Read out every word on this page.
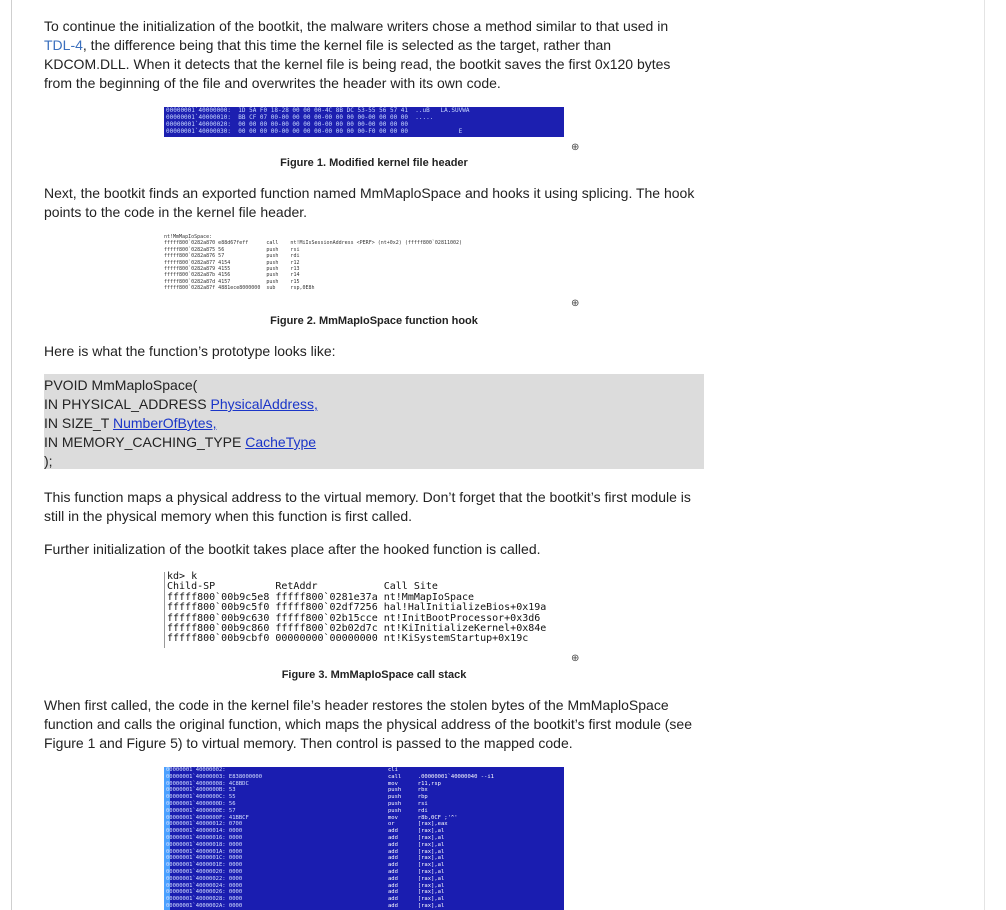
To continue the initialization of the bootkit, the malware writers chose a method similar to that used in
TDL-4, the difference being that this time the kernel file is selected as the target, rather than
KDCOM.DLL. When it detects that the kernel file is being read, the bootkit saves the first 0x120 bytes
from the beginning of the file and overwrites the header with its own code.
00000001`40000000:  1D 5A F0 18-28 00 00 00-4C 8B DC 53-55 56 57 41  ..uB   LA.SUVWA
00000001`40000010:  BB CF 07 00-00 00 00 00-00 00 00 00-00 00 00 00  .....
00000001`40000020:  00 00 00 00-00 00 00 00-00 00 00 00-00 00 00 00
00000001`40000030:  00 00 00 00-00 00 00 00-00 00 00 00-F0 00 00 00              E
⊕
Figure 1. Modified kernel file header
Next, the bootkit finds an exported function named MmMaploSpace and hooks it using splicing. The hook
points to the code in the kernel file header.
nt!MmMapIoSpace:
fffff800`0282a870 e88d67feff      call    nt!MiIsSessionAddress <PERF> (nt+0x2) (fffff800`02811002)
fffff800`0282a875 56              push    rsi
fffff800`0282a876 57              push    rdi
fffff800`0282a877 4154            push    r12
fffff800`0282a879 4155            push    r13
fffff800`0282a87b 4156            push    r14
fffff800`0282a87d 4157            push    r15
fffff800`0282a87f 4881ece8000000  sub     rsp,0E8h
⊕
Figure 2. MmMapIoSpace function hook
Here is what the function’s prototype looks like:
PVOID MmMaploSpace(
IN PHYSICAL_ADDRESS PhysicalAddress,
IN SIZE_T NumberOfBytes,
IN MEMORY_CACHING_TYPE CacheType
);
This function maps a physical address to the virtual memory. Don’t forget that the bootkit’s first module is
still in the physical memory when this function is first called.
Further initialization of the bootkit takes place after the hooked function is called.
kd> k
Child-SP          RetAddr           Call Site
fffff800`00b9c5e8 fffff800`0281e37a nt!MmMapIoSpace
fffff800`00b9c5f0 fffff800`02df7256 hal!HalInitializeBios+0x19a
fffff800`00b9c630 fffff800`02b15cce nt!InitBootProcessor+0x3d6
fffff800`00b9c860 fffff800`02b02d7c nt!KiInitializeKernel+0x84e
fffff800`00b9cbf0 00000000`00000000 nt!KiSystemStartup+0x19c
⊕
Figure 3. MmMapIoSpace call stack
When first called, the code in the kernel file’s header restores the stolen bytes of the MmMaploSpace
function and calls the original function, which maps the physical address of the bootkit’s first module (see
Figure 1 and Figure 5) to virtual memory. Then control is passed to the mapped code.
00000001`40000002:
00000001`40000003: E838000000
00000001`40000008: 4C8BDC
00000001`4000000B: 53
00000001`4000000C: 55
00000001`4000000D: 56
00000001`4000000E: 57
00000001`4000000F: 41BBCF
00000001`40000012: 0700
00000001`40000014: 0000
00000001`40000016: 0000
00000001`40000018: 0000
00000001`4000001A: 0000
00000001`4000001C: 0000
00000001`4000001E: 0000
00000001`40000020: 0000
00000001`40000022: 0000
00000001`40000024: 0000
00000001`40000026: 0000
00000001`40000028: 0000
00000001`4000002A: 0000
cli
call     .00000001`40000040 --i1
mov      r11,rsp
push     rbx
push     rbp
push     rsi
push     rdi
mov      r8b,0CF ;'^'
or       [rax],eax
add      [rax],al
add      [rax],al
add      [rax],al
add      [rax],al
add      [rax],al
add      [rax],al
add      [rax],al
add      [rax],al
add      [rax],al
add      [rax],al
add      [rax],al
add      [rax],al
